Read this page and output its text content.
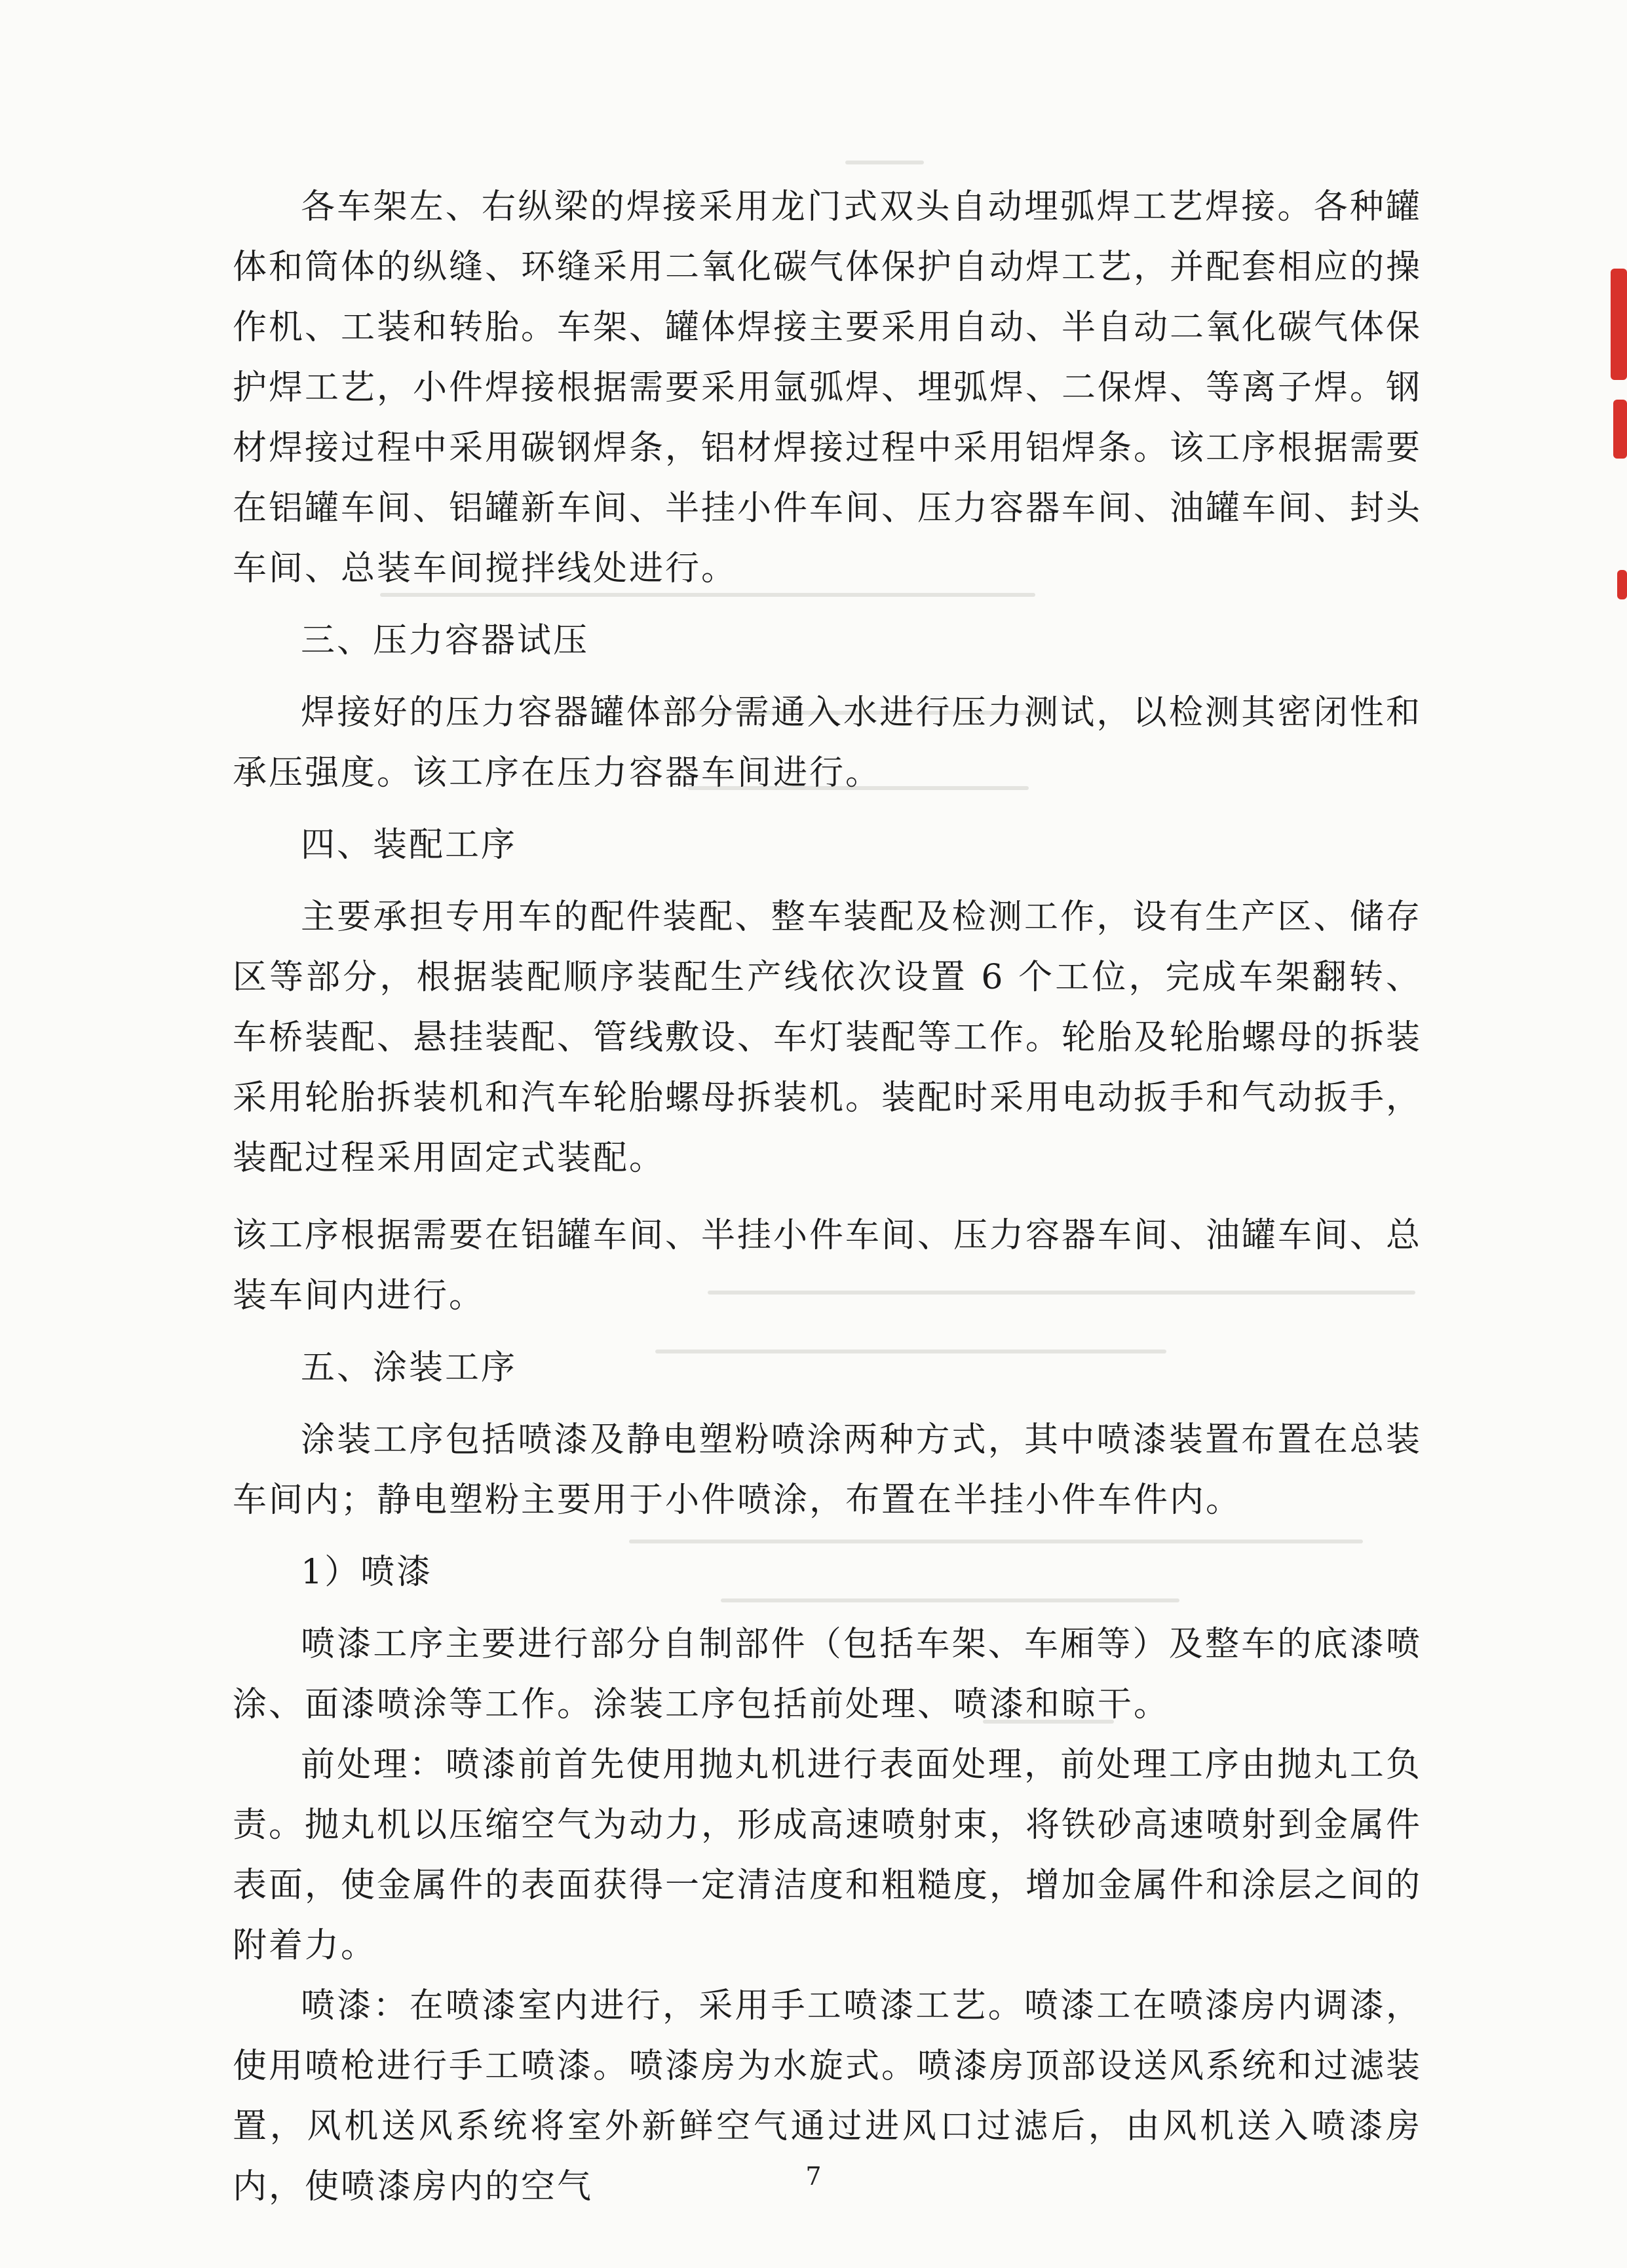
各车架左、右纵梁的焊接采用龙门式双头自动埋弧焊工艺焊接。各种罐体和筒体的纵缝、环缝采用二氧化碳气体保护自动焊工艺，并配套相应的操作机、工装和转胎。车架、罐体焊接主要采用自动、半自动二氧化碳气体保护焊工艺，小件焊接根据需要采用氩弧焊、埋弧焊、二保焊、等离子焊。钢材焊接过程中采用碳钢焊条，铝材焊接过程中采用铝焊条。该工序根据需要在铝罐车间、铝罐新车间、半挂小件车间、压力容器车间、油罐车间、封头车间、总装车间搅拌线处进行。

三、压力容器试压

焊接好的压力容器罐体部分需通入水进行压力测试，以检测其密闭性和承压强度。该工序在压力容器车间进行。

四、装配工序

主要承担专用车的配件装配、整车装配及检测工作，设有生产区、储存区等部分，根据装配顺序装配生产线依次设置 6 个工位，完成车架翻转、车桥装配、悬挂装配、管线敷设、车灯装配等工作。轮胎及轮胎螺母的拆装采用轮胎拆装机和汽车轮胎螺母拆装机。装配时采用电动扳手和气动扳手，装配过程采用固定式装配。

该工序根据需要在铝罐车间、半挂小件车间、压力容器车间、油罐车间、总装车间内进行。

五、涂装工序

涂装工序包括喷漆及静电塑粉喷涂两种方式，其中喷漆装置布置在总装车间内；静电塑粉主要用于小件喷涂，布置在半挂小件车件内。

1）喷漆

喷漆工序主要进行部分自制部件（包括车架、车厢等）及整车的底漆喷涂、面漆喷涂等工作。涂装工序包括前处理、喷漆和晾干。

前处理：喷漆前首先使用抛丸机进行表面处理，前处理工序由抛丸工负责。抛丸机以压缩空气为动力，形成高速喷射束，将铁砂高速喷射到金属件表面，使金属件的表面获得一定清洁度和粗糙度，增加金属件和涂层之间的附着力。

喷漆：在喷漆室内进行，采用手工喷漆工艺。喷漆工在喷漆房内调漆，使用喷枪进行手工喷漆。喷漆房为水旋式。喷漆房顶部设送风系统和过滤装置，风机送风系统将室外新鲜空气通过进风口过滤后，由风机送入喷漆房内，使喷漆房内的空气	7
